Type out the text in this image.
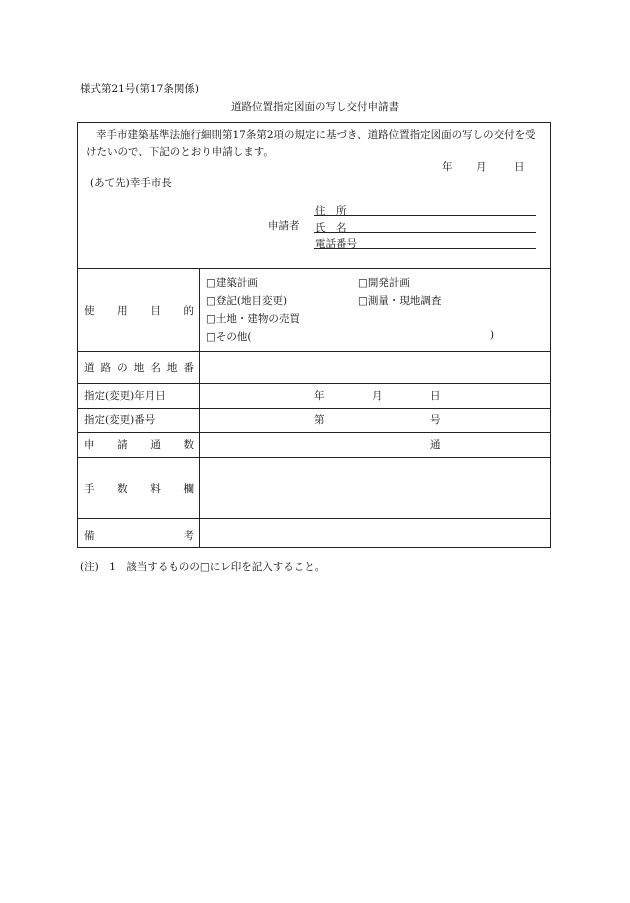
様式第21号(第17条関係)
道路位置指定図面の写し交付申請書
幸手市建築基準法施行細則第17条第2項の規定に基づき、道路位置指定図面の写しの交付を受けたいので、下記のとおり申請します。
年 月	日
(あて先)幸手市長
申請者
住　所
氏　名
電話番号
使 用 目 的
□建築計画	□開発計画
□登記(地目変更)	□測量・現地調査
□土地・建物の売買
□その他(	)
道 路 の 地 名 地 番
指定(変更)年月日	年	月	日
指定(変更)番号	第	号
申 請 通 数	通
手 数 料 欄
備	考
(注)　1　該当するものの□にレ印を記入すること。
